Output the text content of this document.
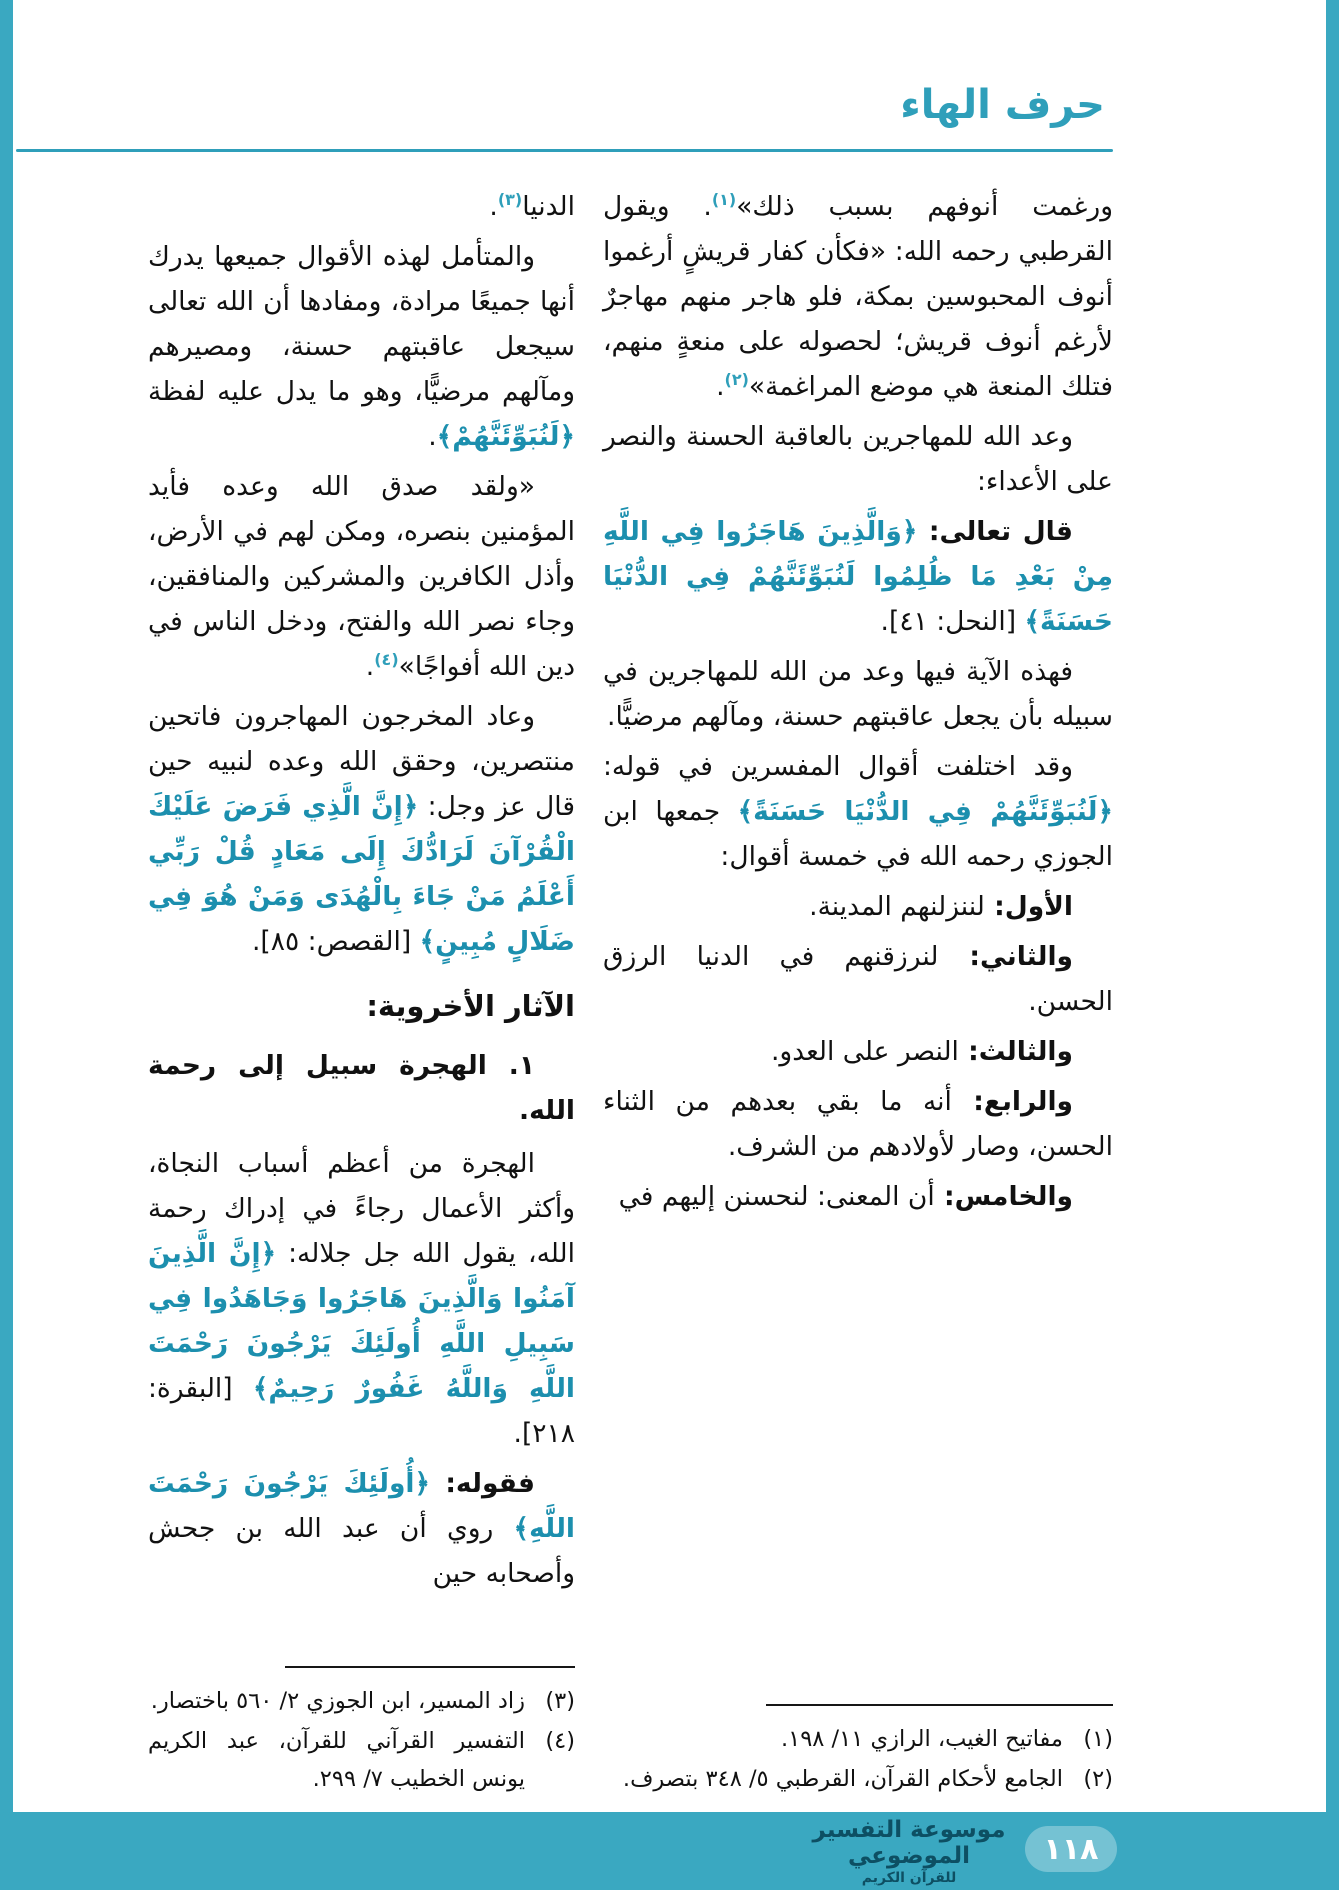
حرف الهاء

ورغمت أنوفهم بسبب ذلك»$^{(١)}$. ويقول القرطبي رحمه الله: «فكأن كفار قريشٍ أرغموا أنوف المحبوسين بمكة، فلو هاجر منهم مهاجرٌ لأرغم أنوف قريش؛ لحصوله على منعةٍ منهم، فتلك المنعة هي موضع المراغمة»$^{(٢)}$.

وعد الله للمهاجرين بالعاقبة الحسنة والنصر على الأعداء:

قال تعالى: ﴿وَالَّذِينَ هَاجَرُوا فِي اللَّهِ مِنْ بَعْدِ مَا ظُلِمُوا لَنُبَوِّئَنَّهُمْ فِي الدُّنْيَا حَسَنَةً﴾ [النحل: ٤١].

فهذه الآية فيها وعد من الله للمهاجرين في سبيله بأن يجعل عاقبتهم حسنة، ومآلهم مرضيًّا.

وقد اختلفت أقوال المفسرين في قوله: ﴿لَنُبَوِّئَنَّهُمْ فِي الدُّنْيَا حَسَنَةً﴾ جمعها ابن الجوزي رحمه الله في خمسة أقوال:

الأول: لننزلنهم المدينة.

والثاني: لنرزقنهم في الدنيا الرزق الحسن.

والثالث: النصر على العدو.

والرابع: أنه ما بقي بعدهم من الثناء الحسن، وصار لأولادهم من الشرف.

والخامس: أن المعنى: لنحسنن إليهم في

(١)
مفاتيح الغيب، الرازي ١١/ ١٩٨.
(٢)
الجامع لأحكام القرآن، القرطبي ٥/ ٣٤٨ بتصرف.

الدنيا$^{(٣)}$.

والمتأمل لهذه الأقوال جميعها يدرك أنها جميعًا مرادة، ومفادها أن الله تعالى سيجعل عاقبتهم حسنة، ومصيرهم ومآلهم مرضيًّا، وهو ما يدل عليه لفظة ﴿لَنُبَوِّئَنَّهُمْ﴾.

«ولقد صدق الله وعده فأيد المؤمنين بنصره، ومكن لهم في الأرض، وأذل الكافرين والمشركين والمنافقين، وجاء نصر الله والفتح، ودخل الناس في دين الله أفواجًا»$^{(٤)}$.

وعاد المخرجون المهاجرون فاتحين منتصرين، وحقق الله وعده لنبيه حين قال عز وجل: ﴿إِنَّ الَّذِي فَرَضَ عَلَيْكَ الْقُرْآنَ لَرَادُّكَ إِلَى مَعَادٍ قُلْ رَبِّي أَعْلَمُ مَنْ جَاءَ بِالْهُدَى وَمَنْ هُوَ فِي ضَلَالٍ مُبِينٍ﴾ [القصص: ٨٥].

الآثار الأخروية:

١. الهجرة سبيل إلى رحمة الله.

الهجرة من أعظم أسباب النجاة، وأكثر الأعمال رجاءً في إدراك رحمة الله، يقول الله جل جلاله: ﴿إِنَّ الَّذِينَ آمَنُوا وَالَّذِينَ هَاجَرُوا وَجَاهَدُوا فِي سَبِيلِ اللَّهِ أُولَئِكَ يَرْجُونَ رَحْمَتَ اللَّهِ وَاللَّهُ غَفُورٌ رَحِيمٌ﴾ [البقرة: ٢١٨].

فقوله: ﴿أُولَئِكَ يَرْجُونَ رَحْمَتَ اللَّهِ﴾ روي أن عبد الله بن جحش وأصحابه حين

(٣)
زاد المسير، ابن الجوزي ٢/ ٥٦٠ باختصار.
(٤)
التفسير القرآني للقرآن، عبد الكريم يونس الخطيب ٧/ ٢٩٩.
موسوعة التفسير الموضوعي
للقرآن الكريم
١١٨
